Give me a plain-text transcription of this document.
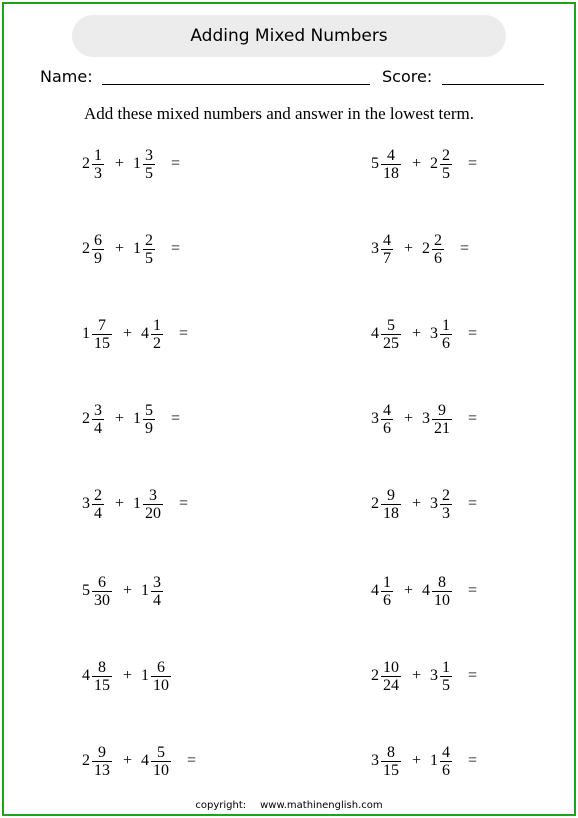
Adding Mixed Numbers
Name:	Score:
Add these mixed numbers and answer in the lowest term.
$2 \frac{1}{3} + 1 \frac{3}{5}$ =	$5 \frac{4}{18} + 2 \frac{2}{5}$ =
$2 \frac{6}{9} + 1 \frac{2}{5}$ =	$3 \frac{4}{7} + 2 \frac{2}{6}$ =
$1 \frac{7}{15} + 4 \frac{1}{2}$ =	$4 \frac{5}{25} + 3 \frac{1}{6}$ =
$2 \frac{3}{4} + 1 \frac{5}{9}$ =	$3 \frac{4}{6} + 3 \frac{9}{21}$ =
$3 \frac{2}{4} + 1 \frac{3}{20}$ =	$2 \frac{9}{18} + 3 \frac{2}{3}$ =
$5 \frac{6}{30} + 1 \frac{3}{4}$	$4 \frac{1}{6} + 4 \frac{8}{10}$ =
$4 \frac{8}{15} + 1 \frac{6}{10}$	$2 \frac{10}{24} + 3 \frac{1}{5}$ =
$2 \frac{9}{13} + 4 \frac{5}{10}$ =	$3 \frac{8}{15} + 1 \frac{4}{6}$ =
copyright: www.mathinenglish.com
